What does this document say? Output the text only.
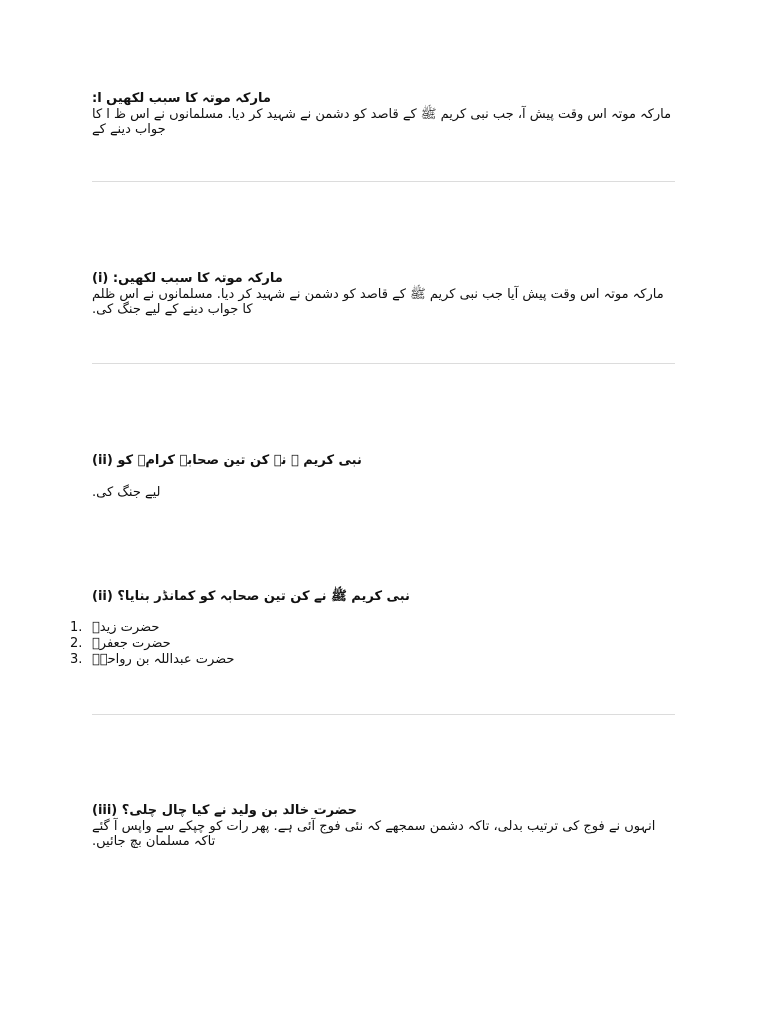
مارکہ موتہ کا سبب لکھیں ا:

مارکہ موتہ اس وقت پیش آ، جب نبی کریم ﷺ کے قاصد کو دشمن نے شہید کر دیا. مسلمانوں نے اس ظ ا کا جواب دینے کے

(i) مارکہ موتہ کا سبب لکھیں:

مارکہ موتہ اس وقت پیش آیا جب نبی کریم ﷺ کے قاصد کو دشمن نے شہید کر دیا. مسلمانوں نے اس ظلم کا جواب دینے کے لیے جنگ کی.

(ii) نبی کریم ﷺ نے کن تین صحابہ کرامؓ کو

لیے جنگ کی.

(ii) نبی کریم ﷺ نے کن تین صحابہ کو کمانڈر بنایا؟

1. حضرت زیدؓ
2. حضرت جعفرؓ
3. حضرت عبداللہ بن رواحہؓ

(iii) حضرت خالد بن ولید نے کیا چال چلی؟

انہوں نے فوج کی ترتیب بدلی، تاکہ دشمن سمجھے کہ نئی فوج آئی ہے. پھر رات کو چپکے سے واپس آ گئے تاکہ مسلمان بچ جائیں.
